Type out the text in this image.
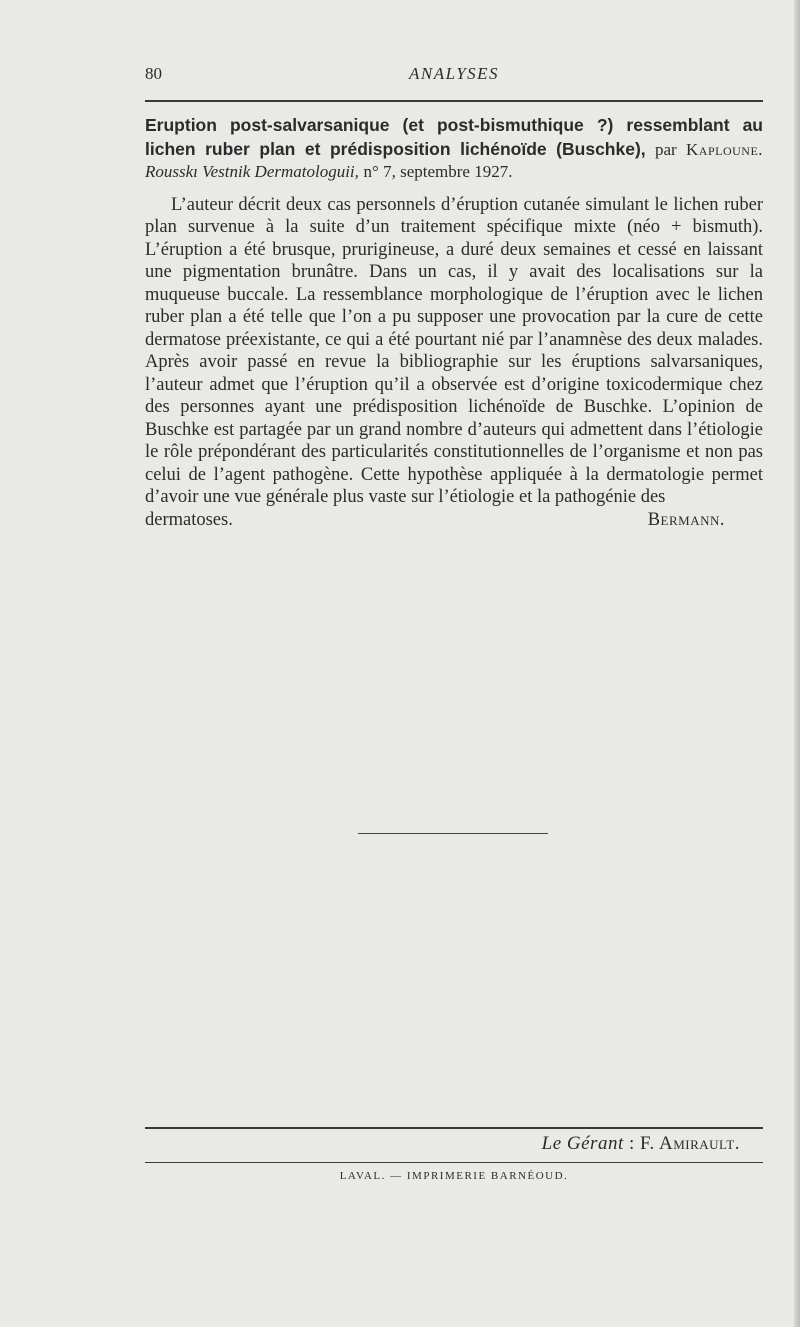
80	ANALYSES

Eruption post-salvarsanique (et post-bismuthique ?) ressemblant au lichen ruber plan et prédisposition lichénoïde (Buschke), par Kaploune. Rousskı Vestnik Dermatologuii, n° 7, septembre 1927.

L’auteur décrit deux cas personnels d’éruption cutanée simulant le lichen ruber plan survenue à la suite d’un traitement spécifique mixte (néo + bismuth). L’éruption a été brusque, prurigineuse, a duré deux semaines et cessé en laissant une pigmentation brunâtre. Dans un cas, il y avait des localisations sur la muqueuse buccale. La ressemblance morphologique de l’éruption avec le lichen ruber plan a été telle que l’on a pu supposer une provocation par la cure de cette dermatose préexistante, ce qui a été pourtant nié par l’anamnèse des deux malades. Après avoir passé en revue la bibliographie sur les éruptions salvarsaniques, l’auteur admet que l’éruption qu’il a observée est d’origine toxicodermique chez des personnes ayant une prédisposition lichénoïde de Buschke. L’opinion de Buschke est partagée par un grand nombre d’auteurs qui admettent dans l’étiologie le rôle prépondérant des particularités constitutionnelles de l’organisme et non pas celui de l’agent pathogène. Cette hypothèse appliquée à la dermatologie permet d’avoir une vue générale plus vaste sur l’étiologie et la pathogénie des

dermatoses.	Bermann.

Le Gérant : F. Amirault.
LAVAL. — IMPRIMERIE BARNÉOUD.
